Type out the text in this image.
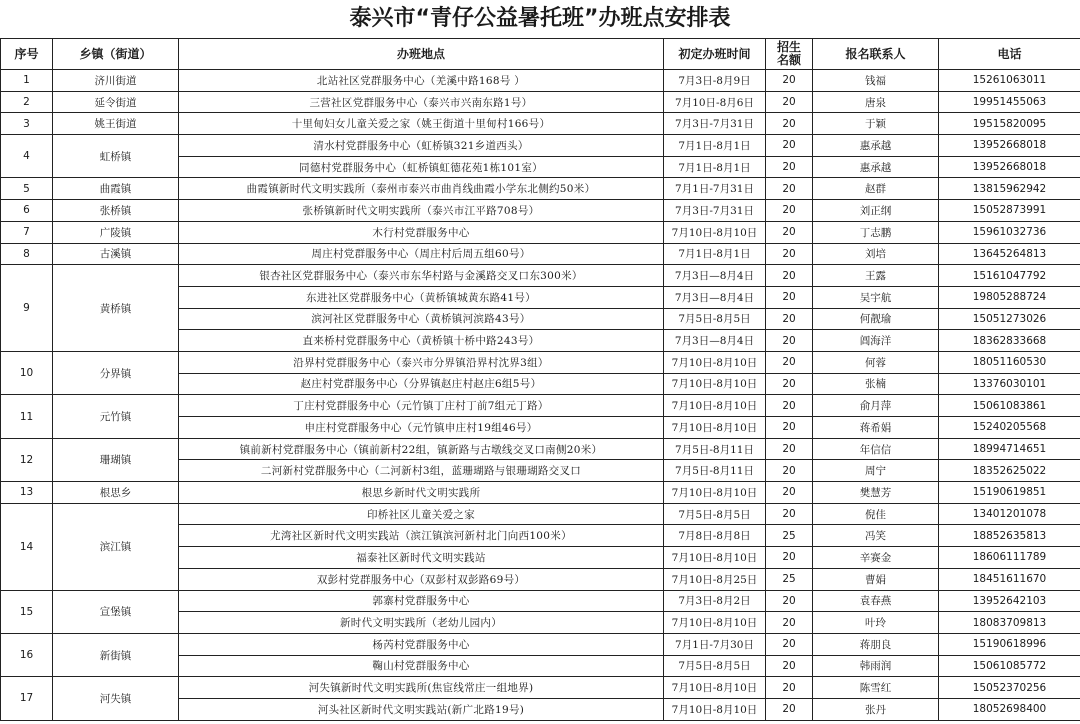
泰兴市“青仔公益暑托班”办班点安排表
序号	乡镇（街道）	办班地点	初定办班时间	招生名额	报名联系人	电话
1	济川街道	北站社区党群服务中心（羌溪中路168号 ）	7月3日-8月9日	20	钱福	15261063011
2	延令街道	三营社区党群服务中心（泰兴市兴南东路1号）	7月10日-8月6日	20	唐泉	19951455063
3	姚王街道	十里甸妇女儿童关爱之家（姚王街道十里甸村166号）	7月3日-7月31日	20	于颖	19515820095
4	虹桥镇	清水村党群服务中心（虹桥镇321乡道西头）	7月1日-8月1日	20	惠承越	13952668018
		同德村党群服务中心（虹桥镇虹德花苑1栋101室）	7月1日-8月1日	20	惠承越	13952668018
5	曲霞镇	曲霞镇新时代文明实践所（泰州市泰兴市曲肖线曲霞小学东北侧约50米）	7月1日-7月31日	20	赵群	13815962942
6	张桥镇	张桥镇新时代文明实践所（泰兴市江平路708号）	7月3日-7月31日	20	刘正纲	15052873991
7	广陵镇	木行村党群服务中心	7月10日-8月10日	20	丁志鹏	15961032736
8	古溪镇	周庄村党群服务中心（周庄村后周五组60号）	7月1日-8月1日	20	刘培	13645264813
9	黄桥镇	银杏社区党群服务中心（泰兴市东华村路与金溪路交叉口东300米）	7月3日—8月4日	20	王露	15161047792
		东进社区党群服务中心（黄桥镇城黄东路41号）	7月3日—8月4日	20	吴宇航	19805288724
		滨河社区党群服务中心（黄桥镇河滨路43号）	7月5日-8月5日	20	何靓瑜	15051273026
		直来桥村党群服务中心（黄桥镇十桥中路243号）	7月3日—8月4日	20	阊海洋	18362833668
10	分界镇	沿界村党群服务中心（泰兴市分界镇沿界村沈界3组）	7月10日-8月10日	20	何蓉	18051160530
		赵庄村党群服务中心（分界镇赵庄村赵庄6组5号）	7月10日-8月10日	20	张楠	13376030101
11	元竹镇	丁庄村党群服务中心（元竹镇丁庄村丁前7组元丁路）	7月10日-8月10日	20	俞月萍	15061083861
		申庄村党群服务中心（元竹镇申庄村19组46号）	7月10日-8月10日	20	蒋希娟	15240205568
12	珊瑚镇	镇前新村党群服务中心（镇前新村22组，镇新路与古墩线交叉口南侧20米）	7月5日-8月11日	20	年信信	18994714651
		二河新村党群服务中心（二河新村3组，蓝珊瑚路与银珊瑚路交叉口	7月5日-8月11日	20	周宁	18352625022
13	根思乡	根思乡新时代文明实践所	7月10日-8月10日	20	樊慧芳	15190619851
14	滨江镇	印桥社区儿童关爱之家	7月5日-8月5日	20	倪佳	13401201078
		尤湾社区新时代文明实践站（滨江镇滨河新村北门向西100米）	7月8日-8月8日	25	冯笑	18852635813
		福泰社区新时代文明实践站	7月10日-8月10日	20	辛赛金	18606111789
		双彭村党群服务中心（双彭村双彭路69号）	7月10日-8月25日	25	曹娟	18451611670
15	宣堡镇	郭寨村党群服务中心	7月3日-8月2日	20	袁春燕	13952642103
		新时代文明实践所（老幼儿园内）	7月10日-8月10日	20	叶玲	18083709813
16	新街镇	杨芮村党群服务中心	7月1日-7月30日	20	蒋朋良	15190618996
		鞠山村党群服务中心	7月5日-8月5日	20	韩雨润	15061085772
17	河失镇	河失镇新时代文明实践所(焦宦线常庄一组地界)	7月10日-8月10日	20	陈雪红	15052370256
		河头社区新时代文明实践站(新广北路19号)	7月10日-8月10日	20	张丹	18052698400
